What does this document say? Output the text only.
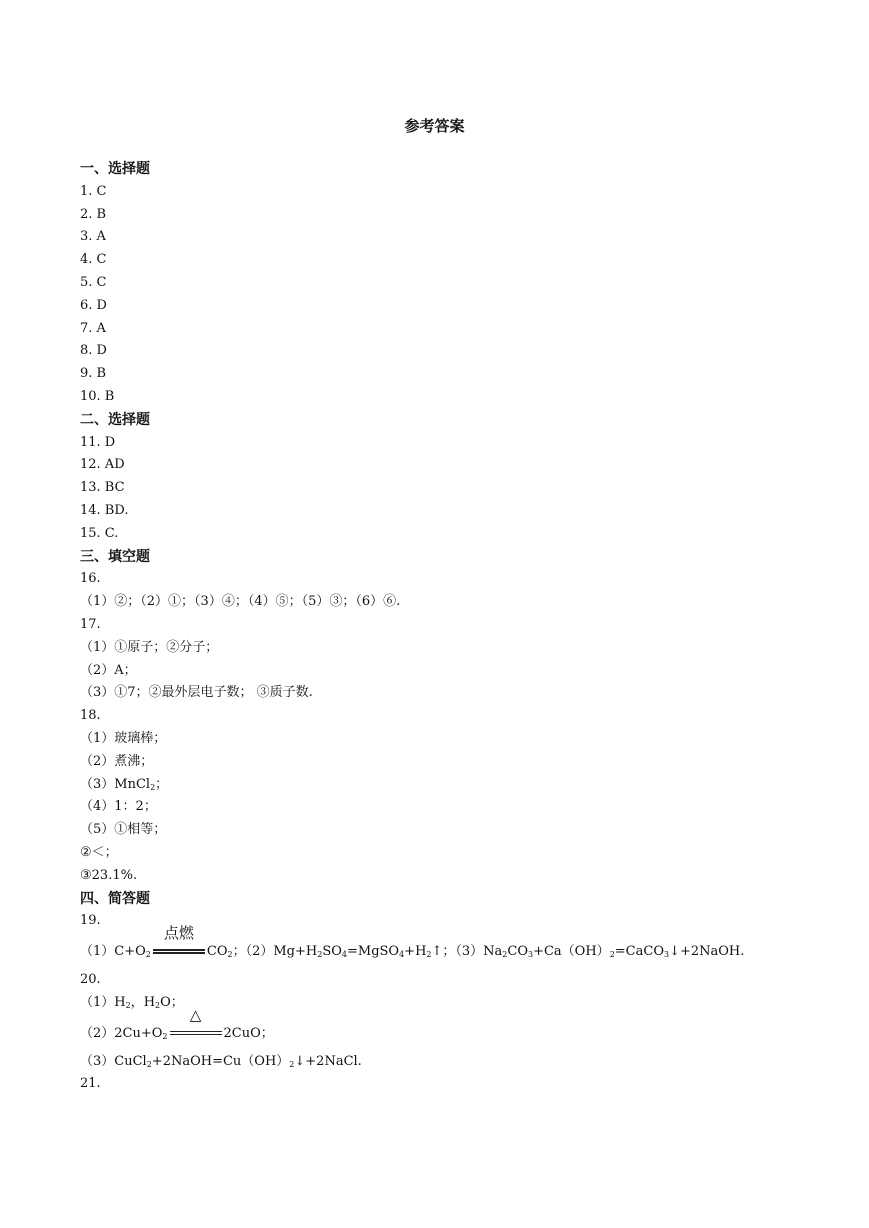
参考答案
一、选择题
1. C
2. B
3. A
4. C
5. C
6. D
7. A
8. D
9. B
10. B
二、选择题
11. D
12. AD
13. BC
14. BD.
15. C.
三、填空题
16.
（1）②；（2）①；（3）④；（4）⑤；（5）③；（6）⑥.
17.
（1）①原子；②分子；
（2）A；
（3）①7；②最外层电子数； ③质子数.
18.
（1）玻璃棒；
（2）煮沸；
（3）MnCl$_2$；
（4）1：2；
（5）①相等；
②＜；
③23.1%.
四、简答题
19.
$(1)C+O_2$
点燃
$CO_2$；$(2)Mg+H_2SO_4=MgSO_4+H_2↑$；$(3)Na_2CO_3+Ca(OH)_2=CaCO_3↓+2NaOH$.
20.
$(1)H_2$，$H_2O$；
$(2)2Cu+O_2$
△
2CuO；
$(3)CuCl_2+2NaOH=Cu(OH)_2↓+2NaCl$.
21.
